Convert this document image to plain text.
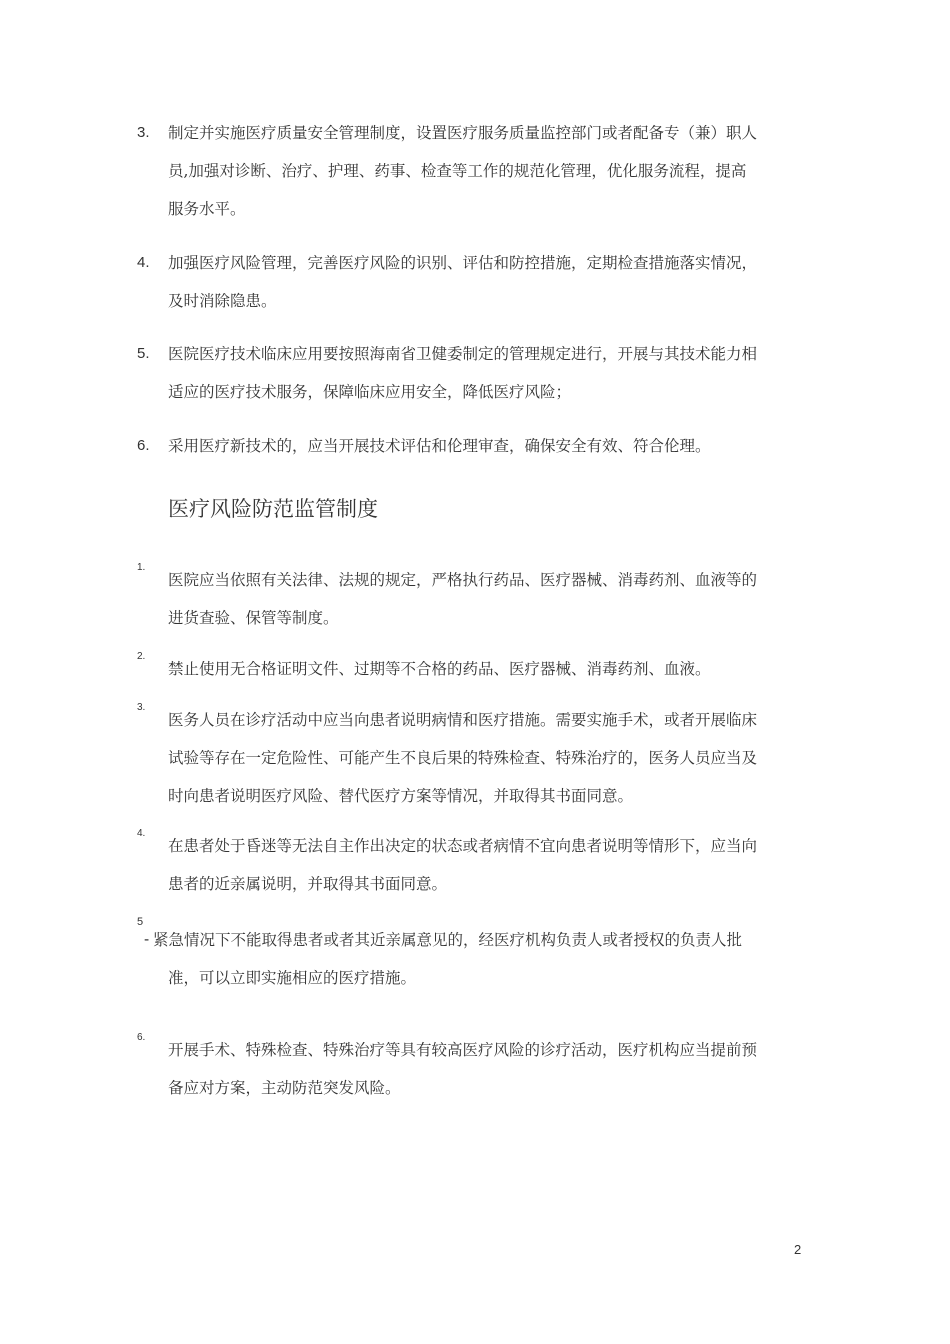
3. 制定并实施医疗质量安全管理制度，设置医疗服务质量监控部门或者配备专（兼）职人
员,加强对诊断、治疗、护理、药事、检查等工作的规范化管理，优化服务流程，提高
服务水平。
4. 加强医疗风险管理，完善医疗风险的识别、评估和防控措施，定期检查措施落实情况，
及时消除隐患。
5. 医院医疗技术临床应用要按照海南省卫健委制定的管理规定进行，开展与其技术能力相
适应的医疗技术服务，保障临床应用安全，降低医疗风险；
6. 采用医疗新技术的，应当开展技术评估和伦理审查，确保安全有效、符合伦理。
医疗风险防范监管制度
1.
医院应当依照有关法律、法规的规定，严格执行药品、医疗器械、消毒药剂、血液等的
进货查验、保管等制度。
2.
禁止使用无合格证明文件、过期等不合格的药品、医疗器械、消毒药剂、血液。
3.
医务人员在诊疗活动中应当向患者说明病情和医疗措施。需要实施手术，或者开展临床
试验等存在一定危险性、可能产生不良后果的特殊检查、特殊治疗的，医务人员应当及
时向患者说明医疗风险、替代医疗方案等情况，并取得其书面同意。
4.
在患者处于昏迷等无法自主作出决定的状态或者病情不宜向患者说明等情形下，应当向
患者的近亲属说明，并取得其书面同意。
5
- 紧急情况下不能取得患者或者其近亲属意见的，经医疗机构负责人或者授权的负责人批
准，可以立即实施相应的医疗措施。
6.
开展手术、特殊检查、特殊治疗等具有较高医疗风险的诊疗活动，医疗机构应当提前预
备应对方案，主动防范突发风险。
2
